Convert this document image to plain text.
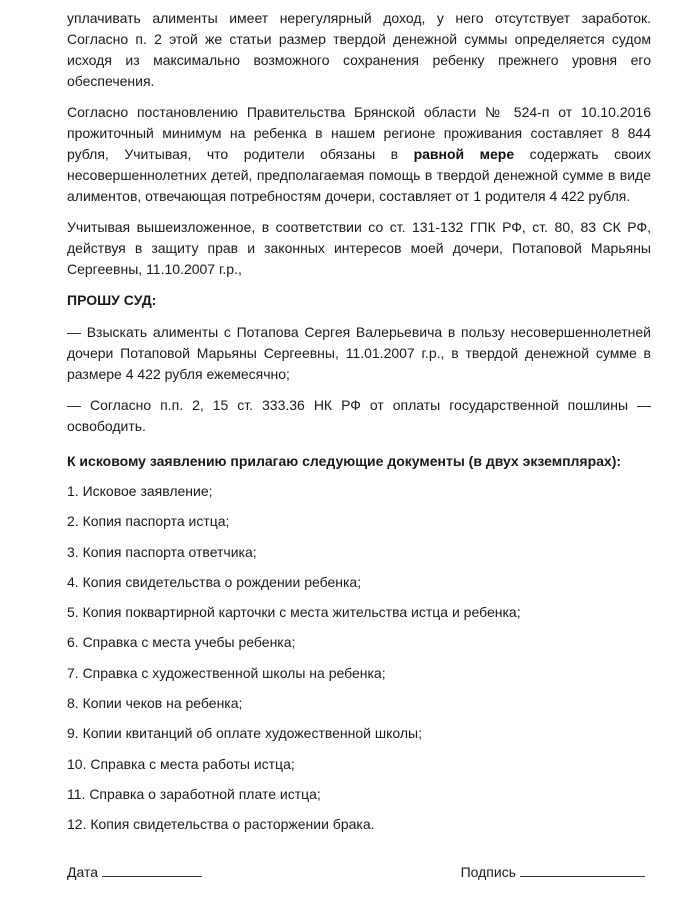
уплачивать алименты имеет нерегулярный доход, у него отсутствует заработок. Согласно п. 2 этой же статьи размер твердой денежной суммы определяется судом исходя из максимально возможного сохранения ребенку прежнего уровня его обеспечения.

Согласно постановлению Правительства Брянской области № 524-п от 10.10.2016 прожиточный минимум на ребенка в нашем регионе проживания составляет 8 844 рубля, Учитывая, что родители обязаны в равной мере содержать своих несовершеннолетних детей, предполагаемая помощь в твердой денежной сумме в виде алиментов, отвечающая потребностям дочери, составляет от 1 родителя 4 422 рубля.

Учитывая вышеизложенное, в соответствии со ст. 131-132 ГПК РФ, ст. 80, 83 СК РФ, действуя в защиту прав и законных интересов моей дочери, Потаповой Марьяны Сергеевны, 11.10.2007 г.р.,

ПРОШУ СУД:

— Взыскать алименты с Потапова Сергея Валерьевича в пользу несовершеннолетней дочери Потаповой Марьяны Сергеевны, 11.01.2007 г.р., в твердой денежной сумме в размере 4 422 рубля ежемесячно;

— Согласно п.п. 2, 15 ст. 333.36 НК РФ от оплаты государственной пошлины — освободить.

К исковому заявлению прилагаю следующие документы (в двух экземплярах):

1. Исковое заявление;
2. Копия паспорта истца;
3. Копия паспорта ответчика;
4. Копия свидетельства о рождении ребенка;
5. Копия поквартирной карточки с места жительства истца и ребенка;
6. Справка с места учебы ребенка;
7. Справка с художественной школы на ребенка;
8. Копии чеков на ребенка;
9. Копии квитанций об оплате художественной школы;
10. Справка с места работы истца;
11. Справка о заработной плате истца;
12. Копия свидетельства о расторжении брака.
Дата	Подпись
